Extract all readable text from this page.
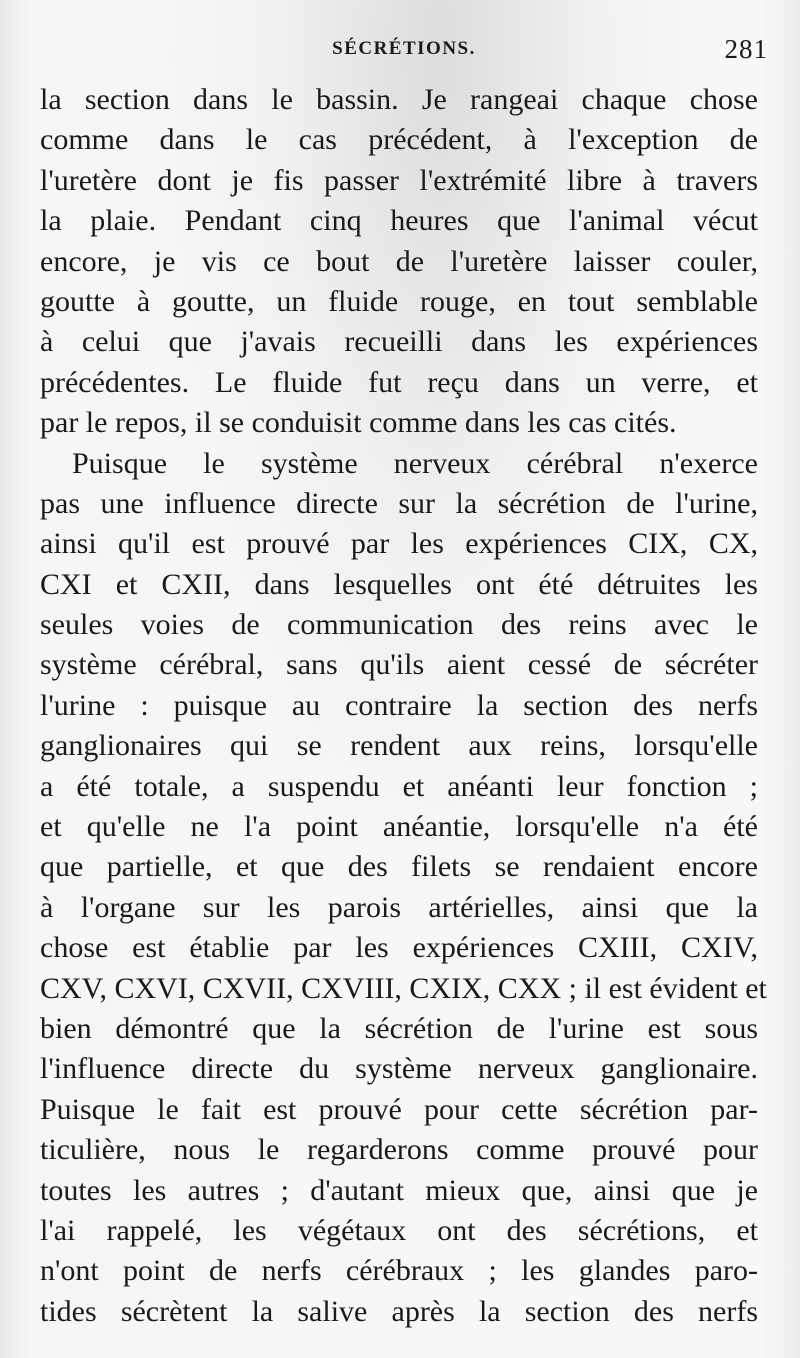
SÉCRÉTIONS.	281
la section dans le bassin. Je rangeai chaque chose
comme dans le cas précédent, à l'exception de
l'uretère dont je fis passer l'extrémité libre à travers
la plaie. Pendant cinq heures que l'animal vécut
encore, je vis ce bout de l'uretère laisser couler,
goutte à goutte, un fluide rouge, en tout semblable
à celui que j'avais recueilli dans les expériences
précédentes. Le fluide fut reçu dans un verre, et
par le repos, il se conduisit comme dans les cas cités.
Puisque le système nerveux cérébral n'exerce
pas une influence directe sur la sécrétion de l'urine,
ainsi qu'il est prouvé par les expériences CIX, CX,
CXI et CXII, dans lesquelles ont été détruites les
seules voies de communication des reins avec le
système cérébral, sans qu'ils aient cessé de sécréter
l'urine : puisque au contraire la section des nerfs
ganglionaires qui se rendent aux reins, lorsqu'elle
a été totale, a suspendu et anéanti leur fonction ;
et qu'elle ne l'a point anéantie, lorsqu'elle n'a été
que partielle, et que des filets se rendaient encore
à l'organe sur les parois artérielles, ainsi que la
chose est établie par les expériences CXIII, CXIV,
CXV, CXVI, CXVII, CXVIII, CXIX, CXX ; il est évident et
bien démontré que la sécrétion de l'urine est sous
l'influence directe du système nerveux ganglionaire.
Puisque le fait est prouvé pour cette sécrétion par-
ticulière, nous le regarderons comme prouvé pour
toutes les autres ; d'autant mieux que, ainsi que je
l'ai rappelé, les végétaux ont des sécrétions, et
n'ont point de nerfs cérébraux ; les glandes paro-
tides sécrètent la salive après la section des nerfs
